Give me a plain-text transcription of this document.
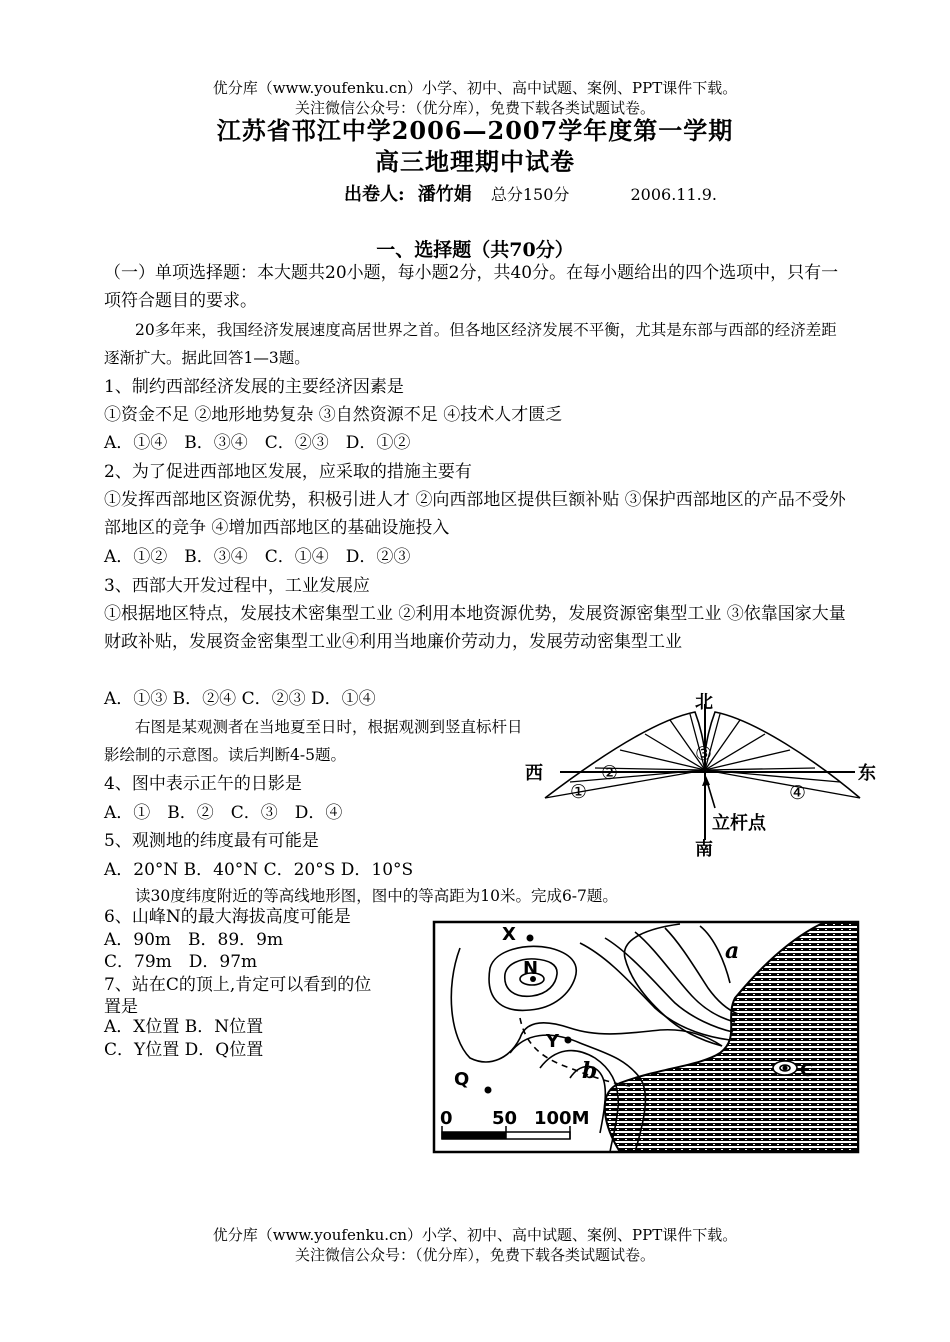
优分库（www.youfenku.cn）小学、初中、高中试题、案例、PPT课件下载。
关注微信公众号：（优分库），免费下载各类试题试卷。
江苏省邗江中学2006—2007学年度第一学期
高三地理期中试卷
出卷人: 潘竹娟 总分150分	2006.11.9.
一、选择题（共70分）
（一）单项选择题：本大题共20小题，每小题2分，共40分。在每小题给出的四个选项中，只有一项符合题目的要求。
20多年来，我国经济发展速度高居世界之首。但各地区经济发展不平衡，尤其是东部与西部的经济差距逐渐扩大。据此回答1—3题。
1、制约西部经济发展的主要经济因素是
①资金不足 ②地形地势复杂 ③自然资源不足 ④技术人才匮乏
A．①④　B．③④　C．②③　D．①②
2、为了促进西部地区发展，应采取的措施主要有
①发挥西部地区资源优势，积极引进人才 ②向西部地区提供巨额补贴 ③保护西部地区的产品不受外部地区的竞争 ④增加西部地区的基础设施投入
A．①②　B．③④　C．①④　D．②③
3、西部大开发过程中，工业发展应
①根据地区特点，发展技术密集型工业 ②利用本地资源优势，发展资源密集型工业 ③依靠国家大量财政补贴，发展资金密集型工业④利用当地廉价劳动力，发展劳动密集型工业
A．①③ B．②④ C．②③ D．①④
右图是某观测者在当地夏至日时，根据观测到竖直标杆日影绘制的示意图。读后判断4-5题。
4、图中表示正午的日影是
A．①　B．②　C．③　D．④
5、观测地的纬度最有可能是
A．20°N B．40°N C．20°S D．10°S
读30度纬度附近的等高线地形图，图中的等高距为10米。完成6-7题。
6、山峰N的最大海拔高度可能是
A．90m　B．89．9m
C．79m　D．97m
7、站在C的顶上,肯定可以看到的位
置是
A．X位置 B．N位置
C．Y位置 D．Q位置
北
南
西	东
①
②
③
④
立杆点
X
N
Y
Q	C
a
b
0 50 100M
优分库（www.youfenku.cn）小学、初中、高中试题、案例、PPT课件下载。
关注微信公众号：（优分库），免费下载各类试题试卷。
